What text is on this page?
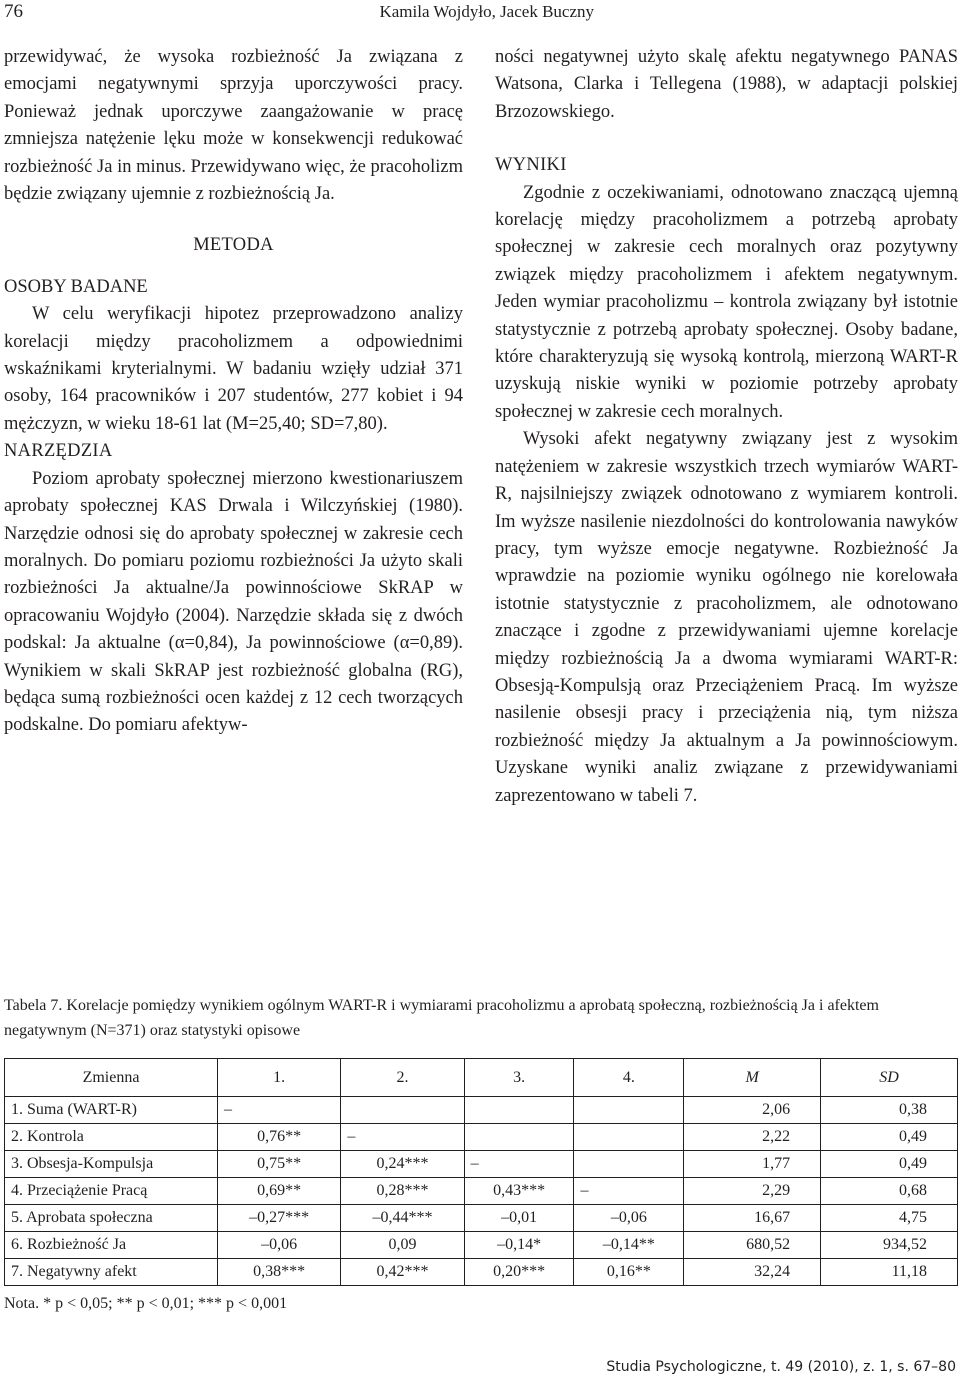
76	Kamila Wojdyło, Jacek Buczny

przewidywać, że wysoka rozbieżność Ja związana z emocjami negatywnymi sprzyja uporczywości pracy. Ponieważ jednak uporczywe zaangażowanie w pracę zmniejsza natężenie lęku może w konsekwencji redukować rozbieżność Ja in minus. Przewidywano więc, że pracoholizm będzie związany ujemnie z rozbieżnością Ja.

METODA

OSOBY BADANE

W celu weryfikacji hipotez przeprowadzono analizy korelacji między pracoholizmem a odpowiednimi wskaźnikami kryterialnymi. W badaniu wzięły udział 371 osoby, 164 pracowników i 207 studentów, 277 kobiet i 94 mężczyzn, w wieku 18-61 lat (M=25,40; SD=7,80).

NARZĘDZIA

Poziom aprobaty społecznej mierzono kwestionariuszem aprobaty społecznej KAS Drwala i Wilczyńskiej (1980). Narzędzie odnosi się do aprobaty społecznej w zakresie cech moralnych. Do pomiaru poziomu rozbieżności Ja użyto skali rozbieżności Ja aktualne/Ja powinnościowe SkRAP w opracowaniu Wojdyło (2004). Narzędzie składa się z dwóch podskal: Ja aktualne (α=0,84), Ja powinnościowe (α=0,89). Wynikiem w skali SkRAP jest rozbieżność globalna (RG), będąca sumą rozbieżności ocen każdej z 12 cech tworzących podskalne. Do pomiaru afektyw-

ności negatywnej użyto skalę afektu negatywnego PANAS Watsona, Clarka i Tellegena (1988), w adaptacji polskiej Brzozowskiego.

WYNIKI

Zgodnie z oczekiwaniami, odnotowano znaczącą ujemną korelację między pracoholizmem a potrzebą aprobaty społecznej w zakresie cech moralnych oraz pozytywny związek między pracoholizmem i afektem negatywnym. Jeden wymiar pracoholizmu – kontrola związany był istotnie statystycznie z potrzebą aprobaty społecznej. Osoby badane, które charakteryzują się wysoką kontrolą, mierzoną WART-R uzyskują niskie wyniki w poziomie potrzeby aprobaty społecznej w zakresie cech moralnych.

Wysoki afekt negatywny związany jest z wysokim natężeniem w zakresie wszystkich trzech wymiarów WART-R, najsilniejszy związek odnotowano z wymiarem kontroli. Im wyższe nasilenie niezdolności do kontrolowania nawyków pracy, tym wyższe emocje negatywne. Rozbieżność Ja wprawdzie na poziomie wyniku ogólnego nie korelowała istotnie statystycznie z pracoholizmem, ale odnotowano znaczące i zgodne z przewidywaniami ujemne korelacje między rozbieżnością Ja a dwoma wymiarami WART-R: Obsesją-Kompulsją oraz Przeciążeniem Pracą. Im wyższe nasilenie obsesji pracy i przeciążenia nią, tym niższa rozbieżność między Ja aktualnym a Ja powinnościowym. Uzyskane wyniki analiz związane z przewidywaniami zaprezentowano w tabeli 7.

Tabela 7. Korelacje pomiędzy wynikiem ogólnym WART-R i wymiarami pracoholizmu a aprobatą społeczną, rozbieżnością Ja i afektem negatywnym (N=371) oraz statystyki opisowe
Zmienna	1.	2.	3.	4.	M	SD
1. Suma (WART-R)	–				2,06	0,38
2. Kontrola	0,76**	–			2,22	0,49
3. Obsesja-Kompulsja	0,75**	0,24***	–		1,77	0,49
4. Przeciążenie Pracą	0,69**	0,28***	0,43***	–	2,29	0,68
5. Aprobata społeczna	–0,27***	–0,44***	–0,01	–0,06	16,67	4,75
6. Rozbieżność Ja	–0,06	0,09	–0,14*	–0,14**	680,52	934,52
7. Negatywny afekt	0,38***	0,42***	0,20***	0,16**	32,24	11,18
Nota. * p < 0,05; ** p < 0,01; *** p < 0,001
Studia Psychologiczne, t. 49 (2010), z. 1, s. 67–80
